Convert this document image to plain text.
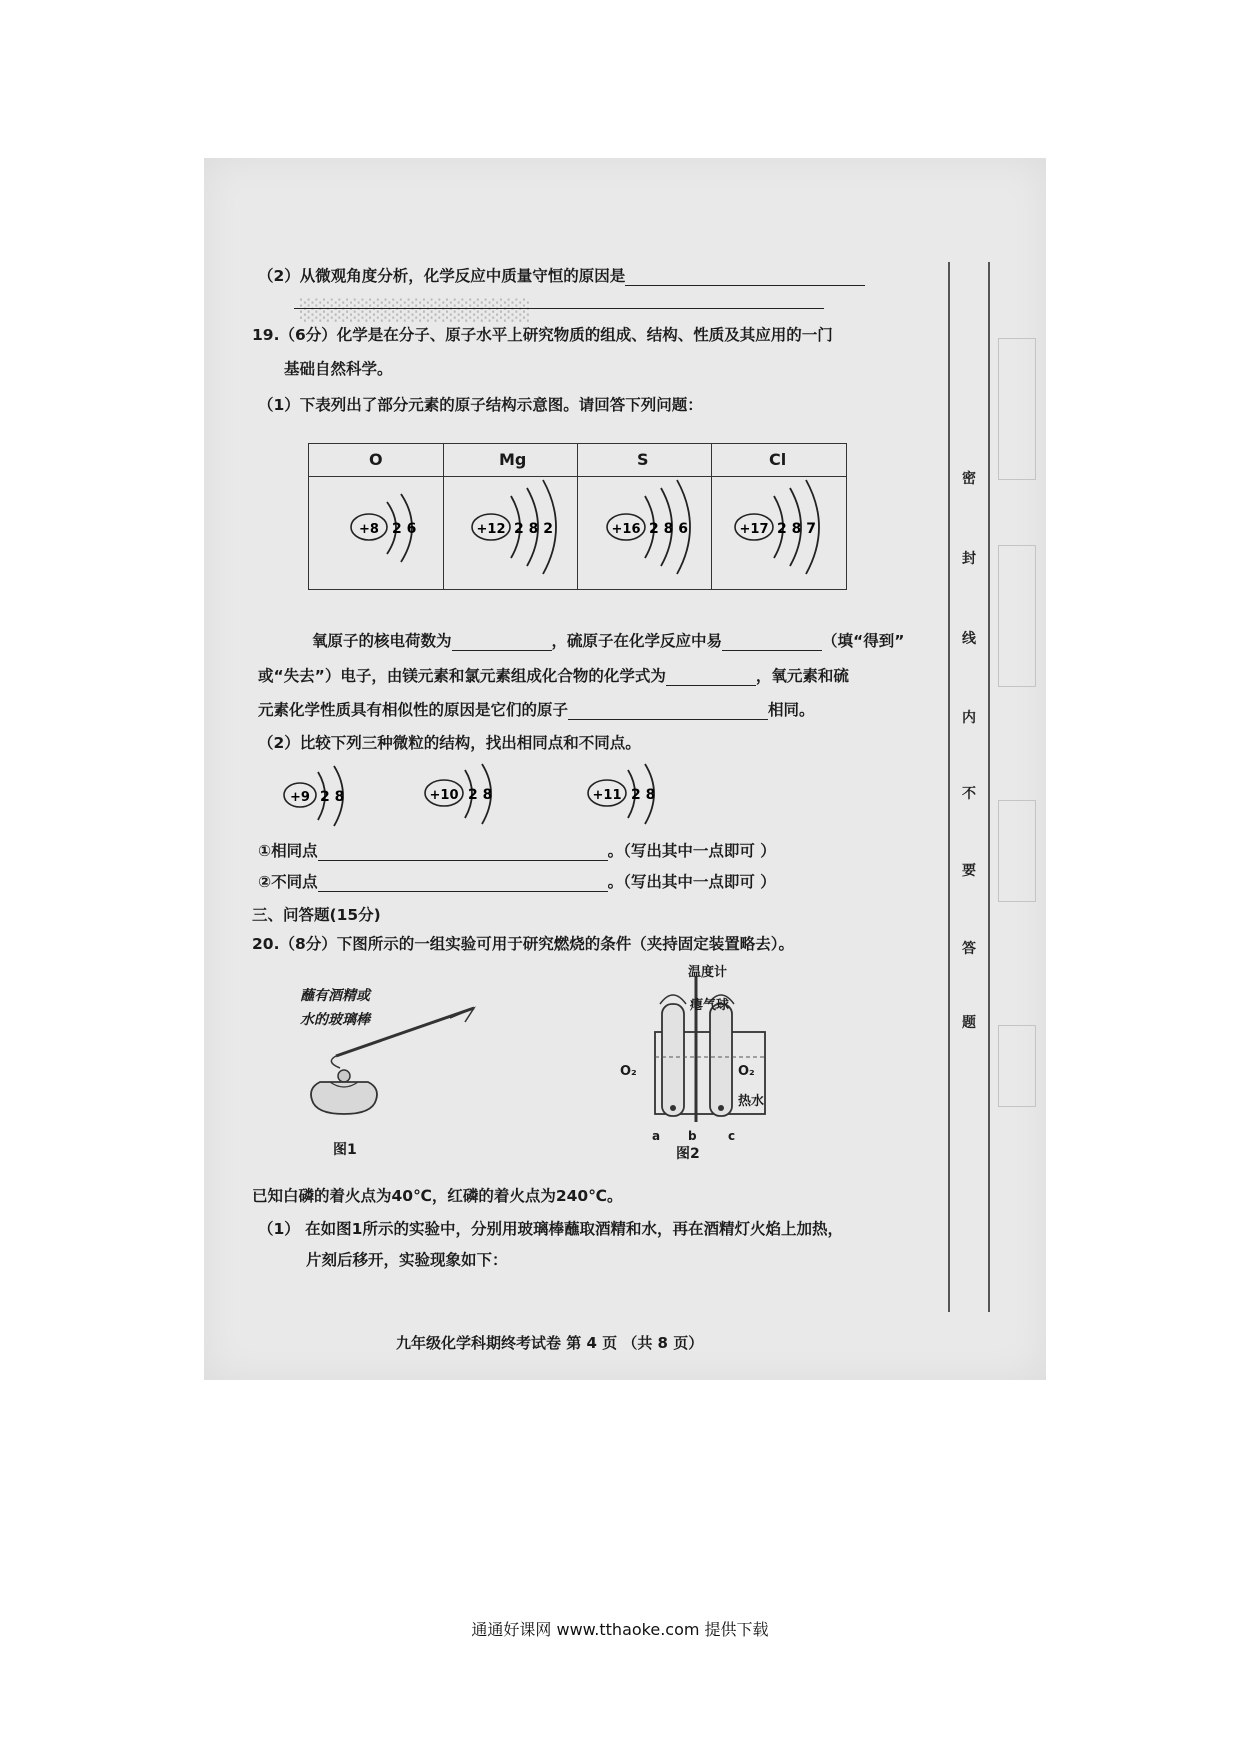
░░░░░░░░░░░░░░░
（2）从微观角度分析，化学反应中质量守恒的原因是
19.（6分）化学是在分子、原子水平上研究物质的组成、结构、性质及其应用的一门
基础自然科学。
（1）下表列出了部分元素的原子结构示意图。请回答下列问题：
O	Mg	S	Cl
+8 2 6	+12 2 8 2	+16 2 8 6	+17 2 8 7
氧原子的核电荷数为	，硫原子在化学反应中易	（填“得到”
或“失去”）电子，由镁元素和氯元素组成化合物的化学式为	，氧元素和硫
元素化学性质具有相似性的原因是它们的原子	相同。
（2）比较下列三种微粒的结构，找出相同点和不同点。
+9 2 8	+10 2 8	+11 2 8
①相同点	。（写出其中一点即可 ）
②不同点	。（写出其中一点即可 ）
三、问答题(15分)
20.（8分）下图所示的一组实验可用于研究燃烧的条件（夹持固定装置略去）。
蘸有酒精或
水的玻璃棒
图1
温度计
瘪气球
O₂	O₂
热水
a b	c
图2
已知白磷的着火点为40℃，红磷的着火点为240℃。
（1） 在如图1所示的实验中，分别用玻璃棒蘸取酒精和水，再在酒精灯火焰上加热，
片刻后移开，实验现象如下：
密
封
线
内
不
要
答
题
九年级化学科期终考试卷 第 4 页 （共 8 页）
通通好课网 www.tthaoke.com 提供下载
